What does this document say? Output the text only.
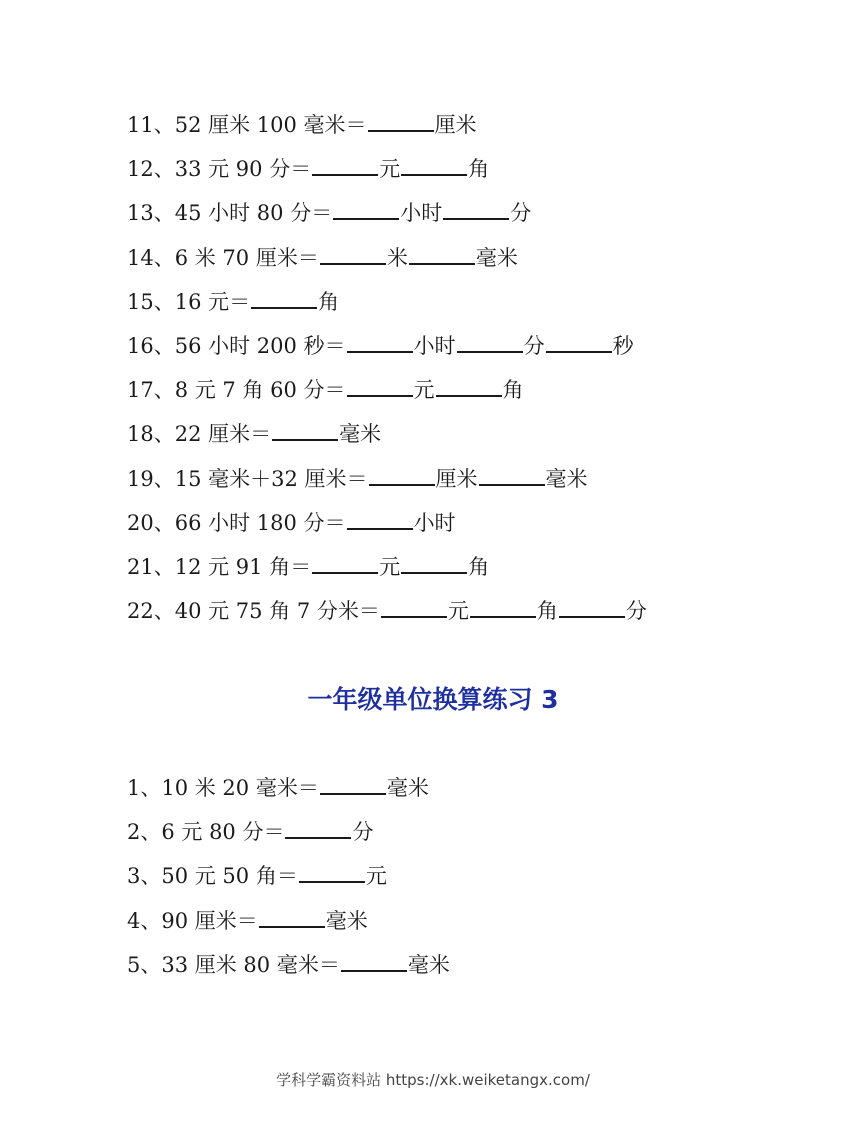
11、52 厘米 100 毫米＝	厘米
12、33 元 90 分＝	元	角
13、45 小时 80 分＝	小时	分
14、6 米 70 厘米＝	米	毫米
15、16 元＝	角
16、56 小时 200 秒＝	小时	分	秒
17、8 元 7 角 60 分＝	元	角
18、22 厘米＝	毫米
19、15 毫米＋32 厘米＝	厘米	毫米
20、66 小时 180 分＝	小时
21、12 元 91 角＝	元	角
22、40 元 75 角 7 分米＝	元	角	分
一年级单位换算练习 3
1、10 米 20 毫米＝	毫米
2、6 元 80 分＝	分
3、50 元 50 角＝	元
4、90 厘米＝	毫米
5、33 厘米 80 毫米＝	毫米
学科学霸资料站 https://xk.weiketangx.com/
